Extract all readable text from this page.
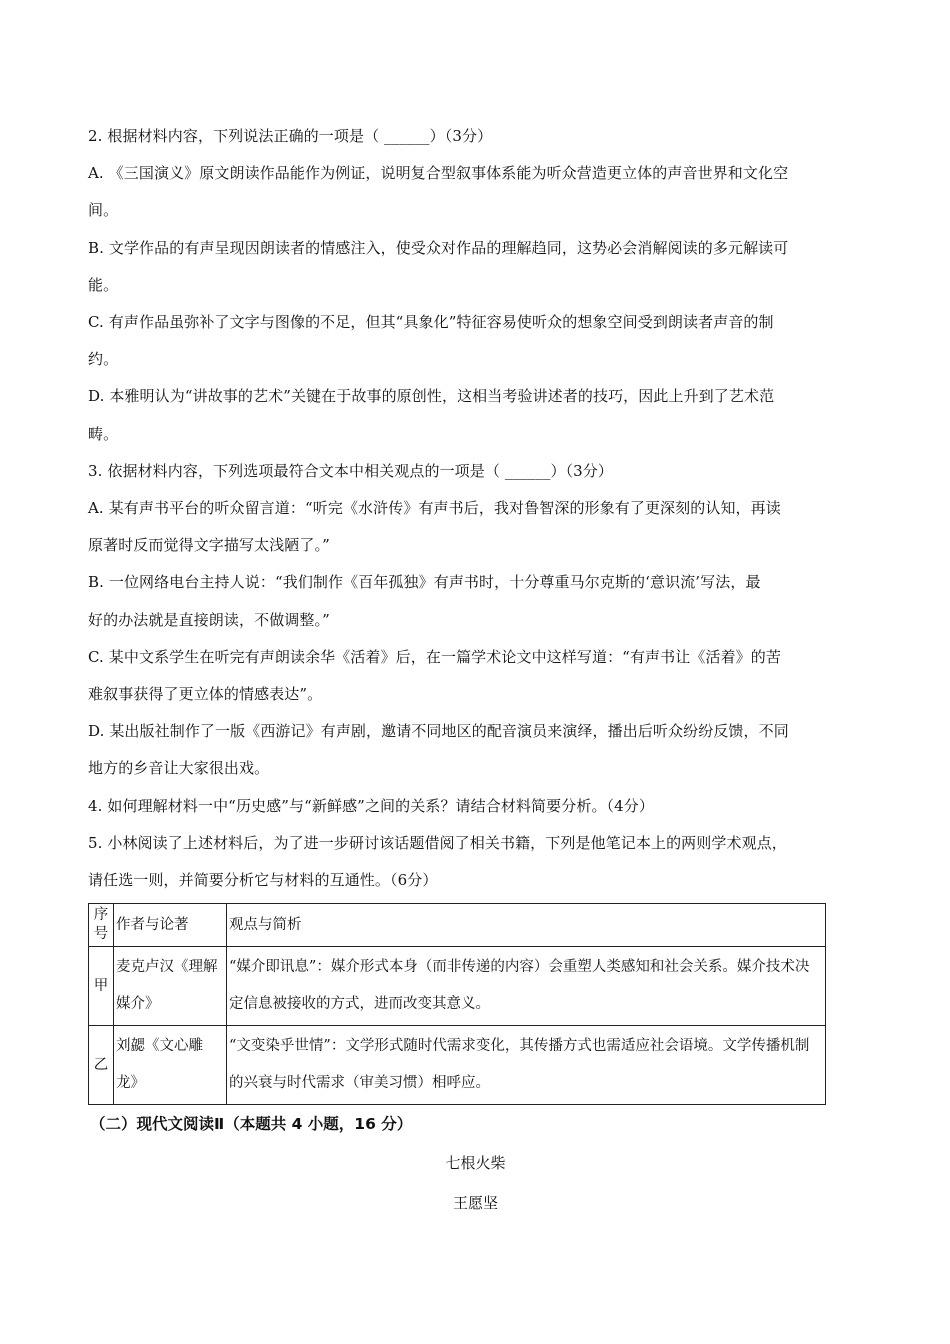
2. 根据材料内容，下列说法正确的一项是（ ______）（3分）

A. 《三国演义》原文朗读作品能作为例证，说明复合型叙事体系能为听众营造更立体的声音世界和文化空

间。

B. 文学作品的有声呈现因朗读者的情感注入，使受众对作品的理解趋同，这势必会消解阅读的多元解读可

能。

C. 有声作品虽弥补了文字与图像的不足，但其“具象化”特征容易使听众的想象空间受到朗读者声音的制

约。

D. 本雅明认为“讲故事的艺术”关键在于故事的原创性，这相当考验讲述者的技巧，因此上升到了艺术范

畴。

3. 依据材料内容，下列选项最符合文本中相关观点的一项是（ ______）（3分）

A. 某有声书平台的听众留言道：“听完《水浒传》有声书后，我对鲁智深的形象有了更深刻的认知，再读

原著时反而觉得文字描写太浅陋了。”

B. 一位网络电台主持人说：“我们制作《百年孤独》有声书时，十分尊重马尔克斯的‘意识流’写法，最

好的办法就是直接朗读，不做调整。”

C. 某中文系学生在听完有声朗读余华《活着》后，在一篇学术论文中这样写道：“有声书让《活着》的苦

难叙事获得了更立体的情感表达”。

D. 某出版社制作了一版《西游记》有声剧，邀请不同地区的配音演员来演绎，播出后听众纷纷反馈，不同

地方的乡音让大家很出戏。

4. 如何理解材料一中“历史感”与“新鲜感”之间的关系？请结合材料简要分析。（4分）

5. 小林阅读了上述材料后，为了进一步研讨该话题借阅了相关书籍，下列是他笔记本上的两则学术观点，

请任选一则，并简要分析它与材料的互通性。（6分）

序号	作者与论著	观点与简析
甲	麦克卢汉《理解媒介》	“媒介即讯息”：媒介形式本身（而非传递的内容）会重塑人类感知和社会关系。媒介技术决定信息被接收的方式，进而改变其意义。
乙	刘勰《文心雕龙》	“文变染乎世情”：文学形式随时代需求变化，其传播方式也需适应社会语境。文学传播机制的兴衰与时代需求（审美习惯）相呼应。

（二）现代文阅读Ⅱ（本题共 4 小题，16 分）

七根火柴

王愿坚
